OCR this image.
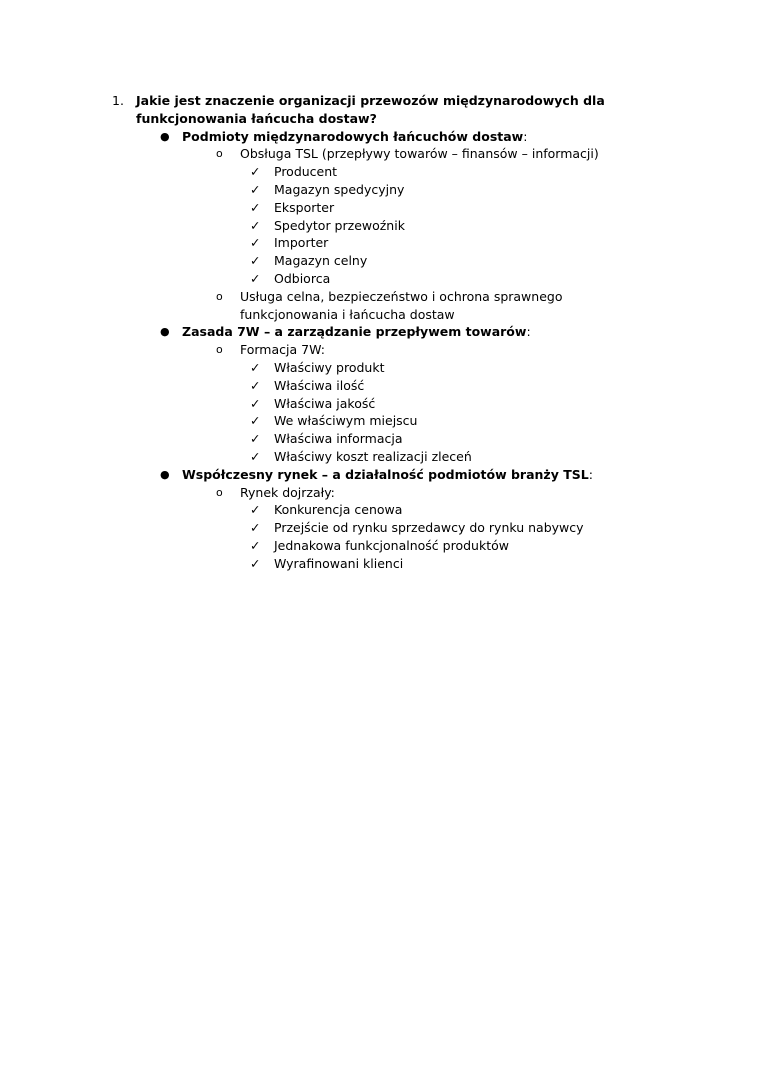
1. Jakie jest znaczenie organizacji przewozów międzynarodowych dla funkcjonowania łańcucha dostaw?
● Podmioty międzynarodowych łańcuchów dostaw:
o Obsługa TSL (przepływy towarów – finansów – informacji)
✓ Producent
✓ Magazyn spedycyjny
✓ Eksporter
✓ Spedytor przewoźnik
✓ Importer
✓ Magazyn celny
✓ Odbiorca
o Usługa celna, bezpieczeństwo i ochrona sprawnego funkcjonowania i łańcucha dostaw
● Zasada 7W – a zarządzanie przepływem towarów:
o Formacja 7W:
✓ Właściwy produkt
✓ Właściwa ilość
✓ Właściwa jakość
✓ We właściwym miejscu
✓ Właściwa informacja
✓ Właściwy koszt realizacji zleceń
● Współczesny rynek – a działalność podmiotów branży TSL:
o Rynek dojrzały:
✓ Konkurencja cenowa
✓ Przejście od rynku sprzedawcy do rynku nabywcy
✓ Jednakowa funkcjonalność produktów
✓ Wyrafinowani klienci
